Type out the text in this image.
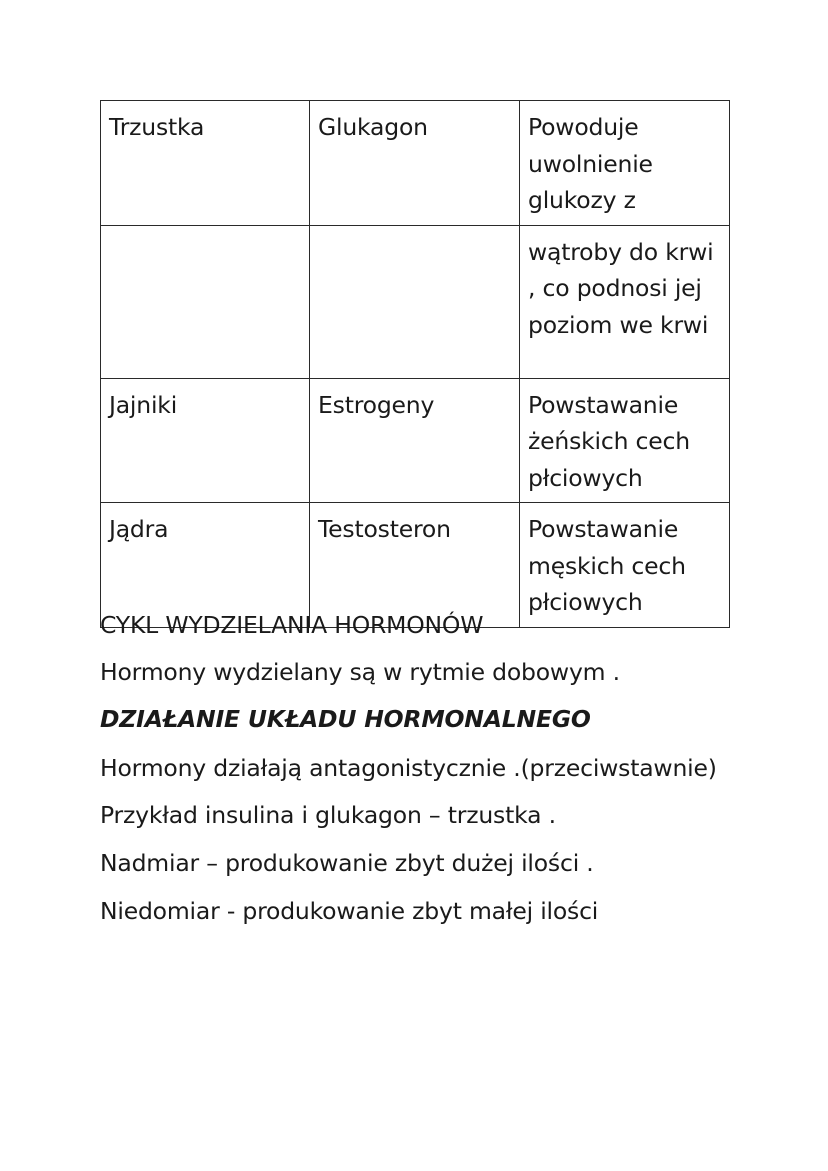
Trzustka	Glukagon	Powoduje uwolnienie glukozy z
		wątroby do krwi , co podnosi jej poziom we krwi
Jajniki	Estrogeny	Powstawanie żeńskich cech płciowych
Jądra	Testosteron	Powstawanie męskich cech płciowych
CYKL WYDZIELANIA HORMONÓW
Hormony wydzielany są w rytmie dobowym .
DZIAŁANIE UKŁADU HORMONALNEGO
Hormony działają antagonistycznie .(przeciwstawnie)
Przykład insulina i glukagon – trzustka .
Nadmiar – produkowanie zbyt dużej ilości .
Niedomiar - produkowanie zbyt małej ilości
